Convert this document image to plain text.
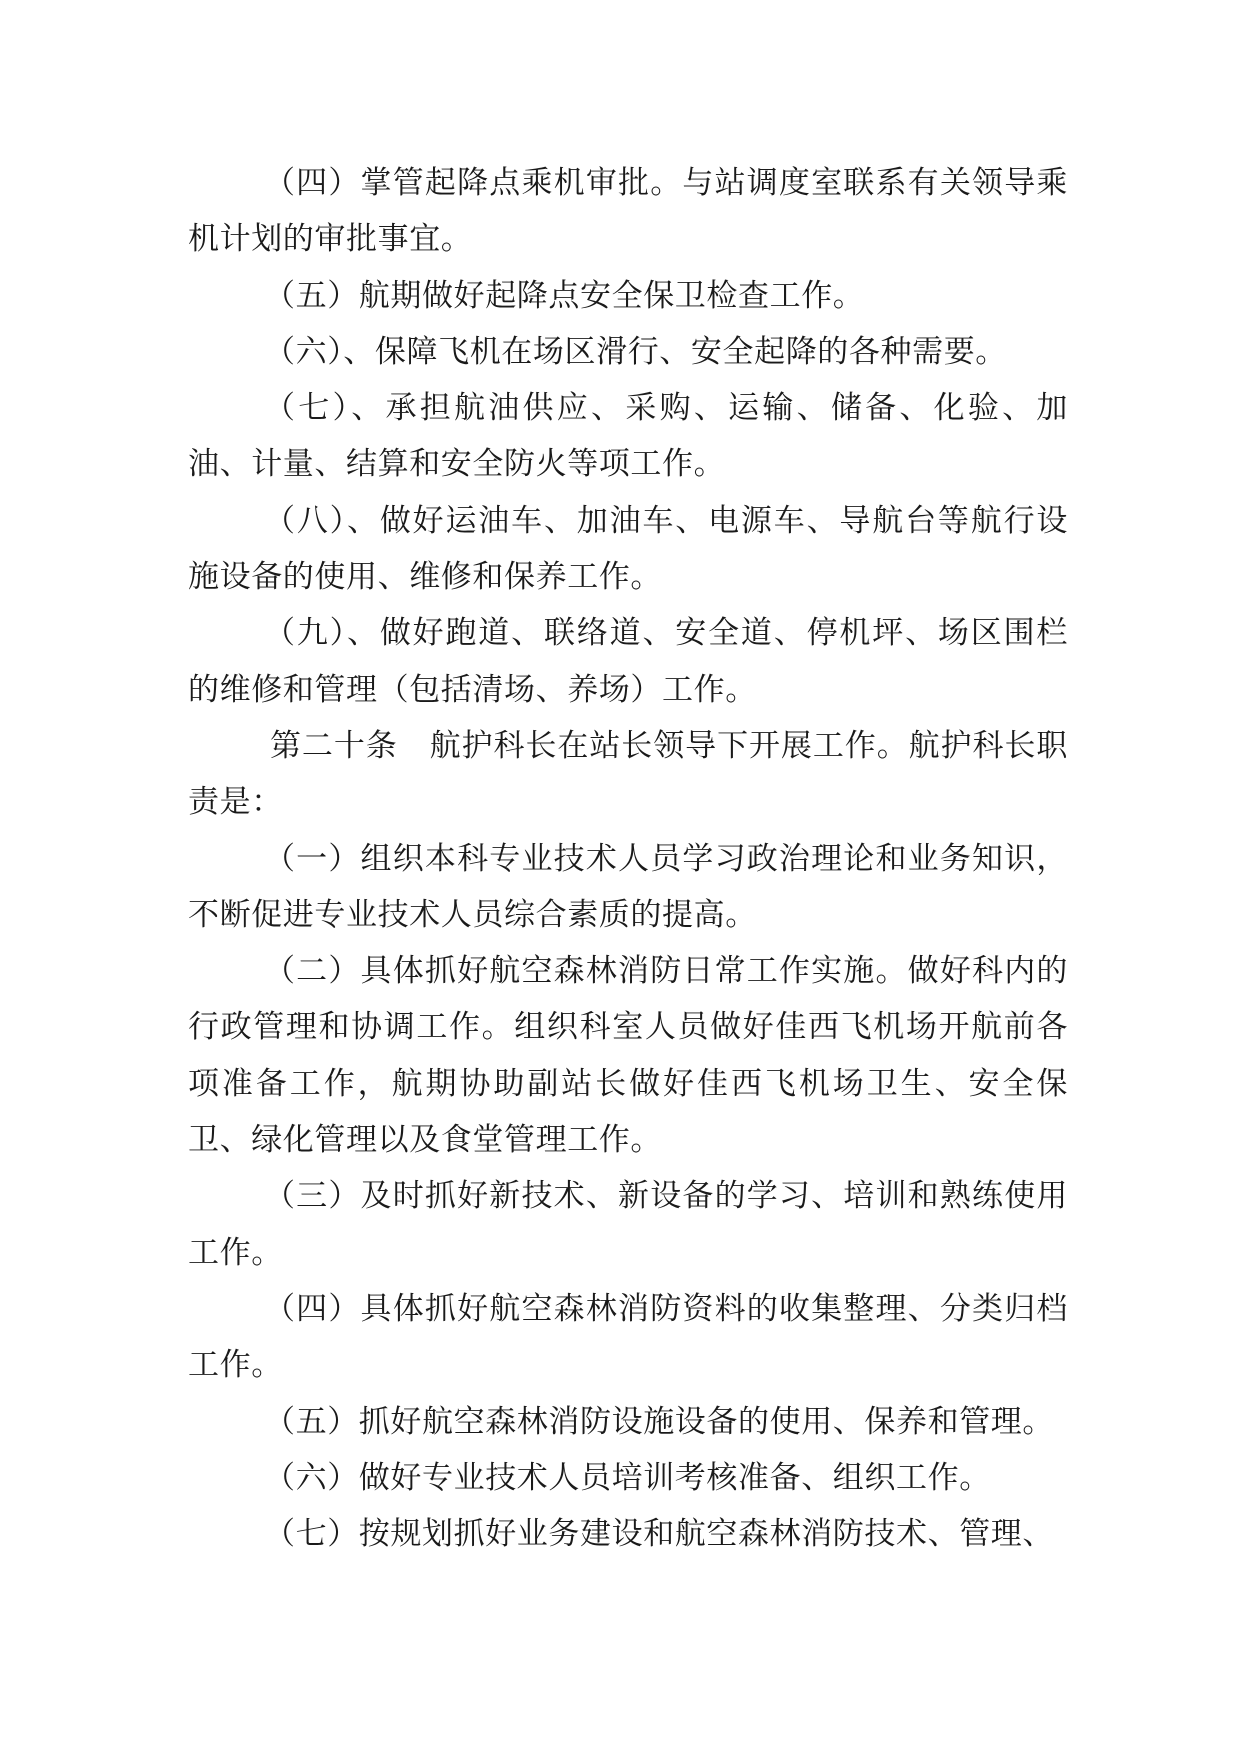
（四）掌管起降点乘机审批。与站调度室联系有关领导乘机计划的审批事宜。

（五）航期做好起降点安全保卫检查工作。

（六）、保障飞机在场区滑行、安全起降的各种需要。

（七）、承担航油供应、采购、运输、储备、化验、加油、计量、结算和安全防火等项工作。

（八）、做好运油车、加油车、电源车、导航台等航行设施设备的使用、维修和保养工作。

（九）、做好跑道、联络道、安全道、停机坪、场区围栏的维修和管理（包括清场、养场）工作。

第二十条　航护科长在站长领导下开展工作。航护科长职责是：

（一）组织本科专业技术人员学习政治理论和业务知识，不断促进专业技术人员综合素质的提高。

（二）具体抓好航空森林消防日常工作实施。做好科内的行政管理和协调工作。组织科室人员做好佳西飞机场开航前各项准备工作，航期协助副站长做好佳西飞机场卫生、安全保卫、绿化管理以及食堂管理工作。

（三）及时抓好新技术、新设备的学习、培训和熟练使用工作。

（四）具体抓好航空森林消防资料的收集整理、分类归档工作。

（五）抓好航空森林消防设施设备的使用、保养和管理。

（六）做好专业技术人员培训考核准备、组织工作。

（七）按规划抓好业务建设和航空森林消防技术、管理、
